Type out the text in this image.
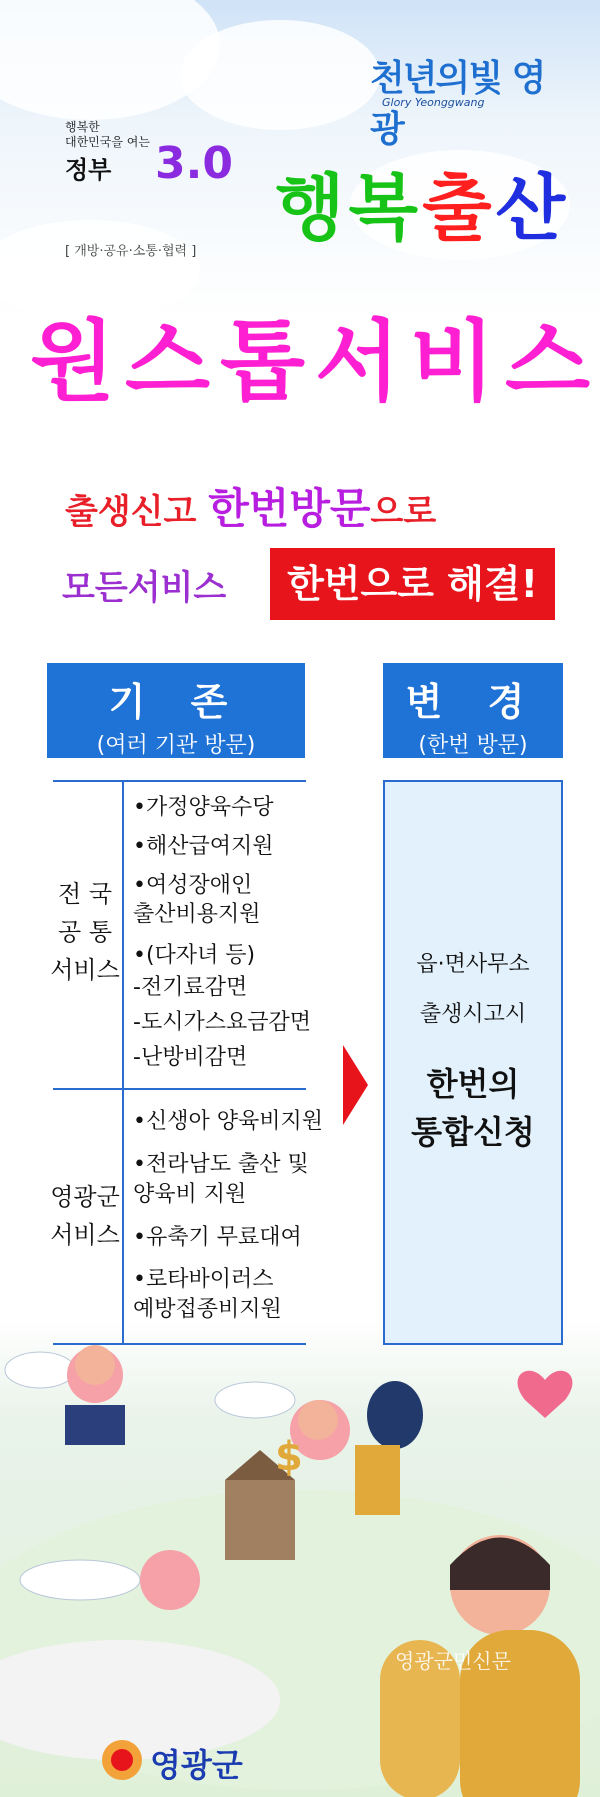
천년의빛 영광
Glory Yeonggwang
행복한
대한민국을 여는
정부 3.0
[ 개방·공유·소통·협력 ]
행복출산
원스톱서비스
출생신고 한번방문으로
모든서비스	한번으로 해결!
기 존
(여러 기관 방문)
변 경
(한번 방문)
전 국
공 통
서비스
•가정양육수당
•해산급여지원
•여성장애인
출산비용지원
•(다자녀 등)
-전기료감면
-도시가스요금감면
-난방비감면
영광군
서비스
•신생아 양육비지원
•전라남도 출산 및
양육비 지원
•유축기 무료대여
•로타바이러스
예방접종비지원
읍·면사무소
출생시고시
한번의
통합신청
$
영광군
영광군민신문
